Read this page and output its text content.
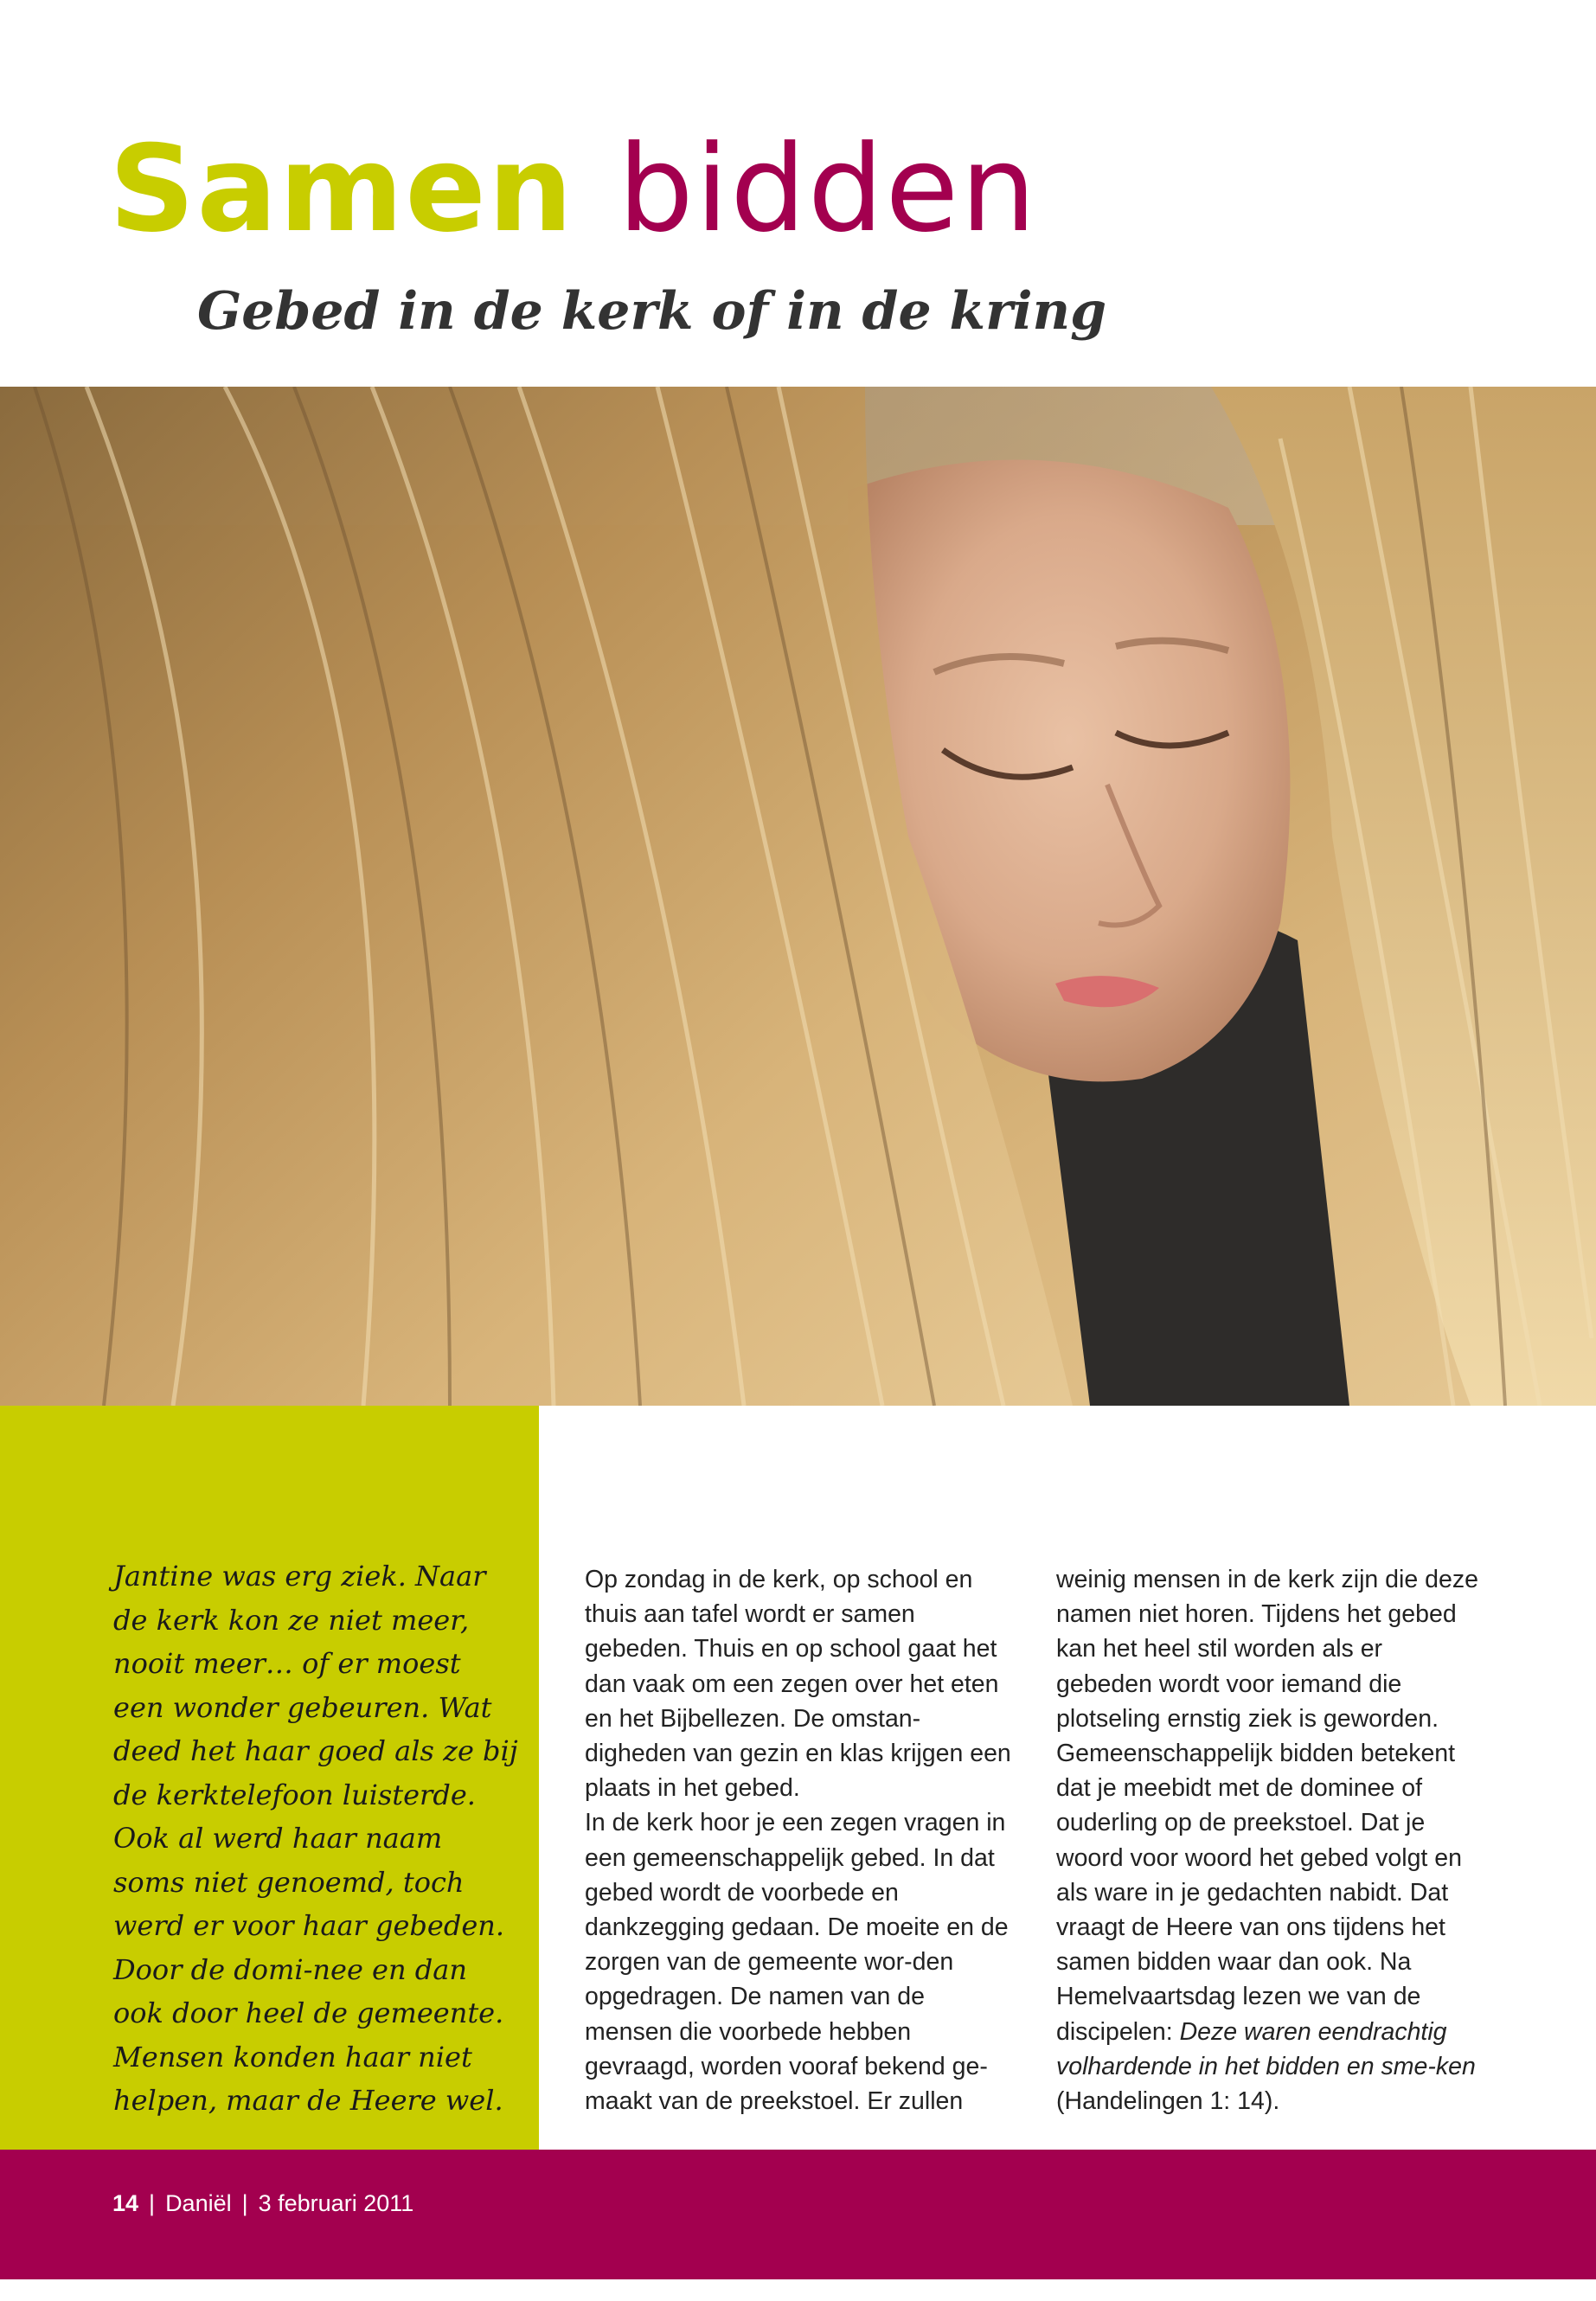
Samen bidden
Gebed in de kerk of in de kring

Jantine was erg ziek. Naar de kerk kon ze niet meer, nooit meer… of er moest een wonder gebeuren. Wat deed het haar goed als ze bij de kerktelefoon luisterde. Ook al werd haar naam soms niet genoemd, toch werd er voor haar gebeden. Door de domi-nee en dan ook door heel de gemeente. Mensen konden haar niet helpen, maar de Heere wel.

Op zondag in de kerk, op school en thuis aan tafel wordt er samen gebeden. Thuis en op school gaat het dan vaak om een zegen over het eten en het Bijbellezen. De omstan-digheden van gezin en klas krijgen een plaats in het gebed.

In de kerk hoor je een zegen vragen in een gemeenschappelijk gebed. In dat gebed wordt de voorbede en dankzegging gedaan. De moeite en de zorgen van de gemeente wor-den opgedragen. De namen van de mensen die voorbede hebben gevraagd, worden vooraf bekend ge-maakt van de preekstoel. Er zullen

weinig mensen in de kerk zijn die deze namen niet horen. Tijdens het gebed kan het heel stil worden als er gebeden wordt voor iemand die plotseling ernstig ziek is geworden. Gemeenschappelijk bidden betekent dat je meebidt met de dominee of ouderling op de preekstoel. Dat je woord voor woord het gebed volgt en als ware in je gedachten nabidt. Dat vraagt de Heere van ons tijdens het samen bidden waar dan ook. Na Hemelvaartsdag lezen we van de discipelen: Deze waren eendrachtig volhardende in het bidden en sme-ken (Handelingen 1: 14).

14 | Daniël | 3 februari 2011
